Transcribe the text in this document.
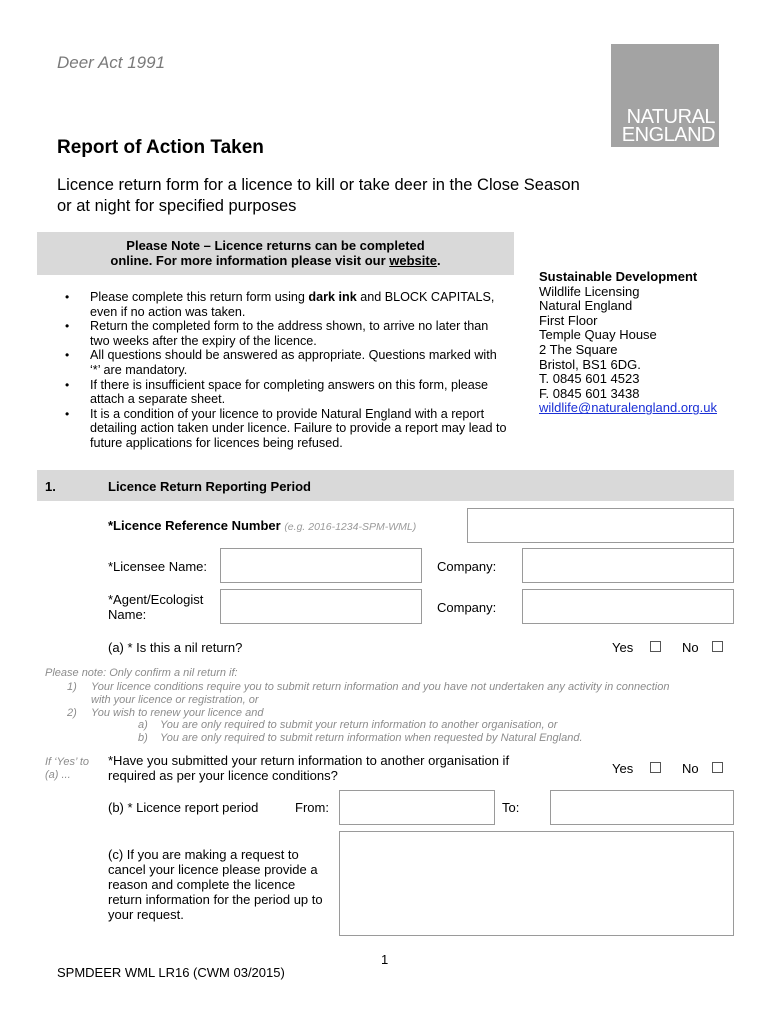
Deer Act 1991
NATURAL
ENGLAND
Report of Action Taken
Licence return form for a licence to kill or take deer in the Close Season
or at night for specified purposes
Please Note – Licence returns can be completed
online. For more information please visit our website.
• Please complete this return form using dark ink and BLOCK CAPITALS, even if no action was taken.
• Return the completed form to the address shown, to arrive no later than two weeks after the expiry of the licence.
• All questions should be answered as appropriate. Questions marked with ‘*’ are mandatory.
• If there is insufficient space for completing answers on this form, please attach a separate sheet.
• It is a condition of your licence to provide Natural England with a report detailing action taken under licence. Failure to provide a report may lead to future applications for licences being refused.
Sustainable Development
Wildlife Licensing
Natural England
First Floor
Temple Quay House
2 The Square
Bristol, BS1 6DG.
T. 0845 601 4523
F. 0845 601 3438
wildlife@naturalengland.org.uk
1.	Licence Return Reporting Period
*Licence Reference Number (e.g. 2016-1234-SPM-WML)
*Licensee Name:	Company:
*Agent/Ecologist
Name:	Company:
(a) * Is this a nil return?	Yes	No
Please note: Only confirm a nil return if:
1) Your licence conditions require you to submit return information and you have not undertaken any activity in connection
with your licence or registration, or
2) You wish to renew your licence and
a) You are only required to submit your return information to another organisation, or
b) You are only required to submit return information when requested by Natural England.
If ‘Yes’ to
(a) ...
*Have you submitted your return information to another organisation if
required as per your licence conditions?	Yes	No
(b) * Licence report period	From:	To:
(c) If you are making a request to
cancel your licence please provide a
reason and complete the licence
return information for the period up to
your request.
1
SPMDEER WML LR16 (CWM 03/2015)
